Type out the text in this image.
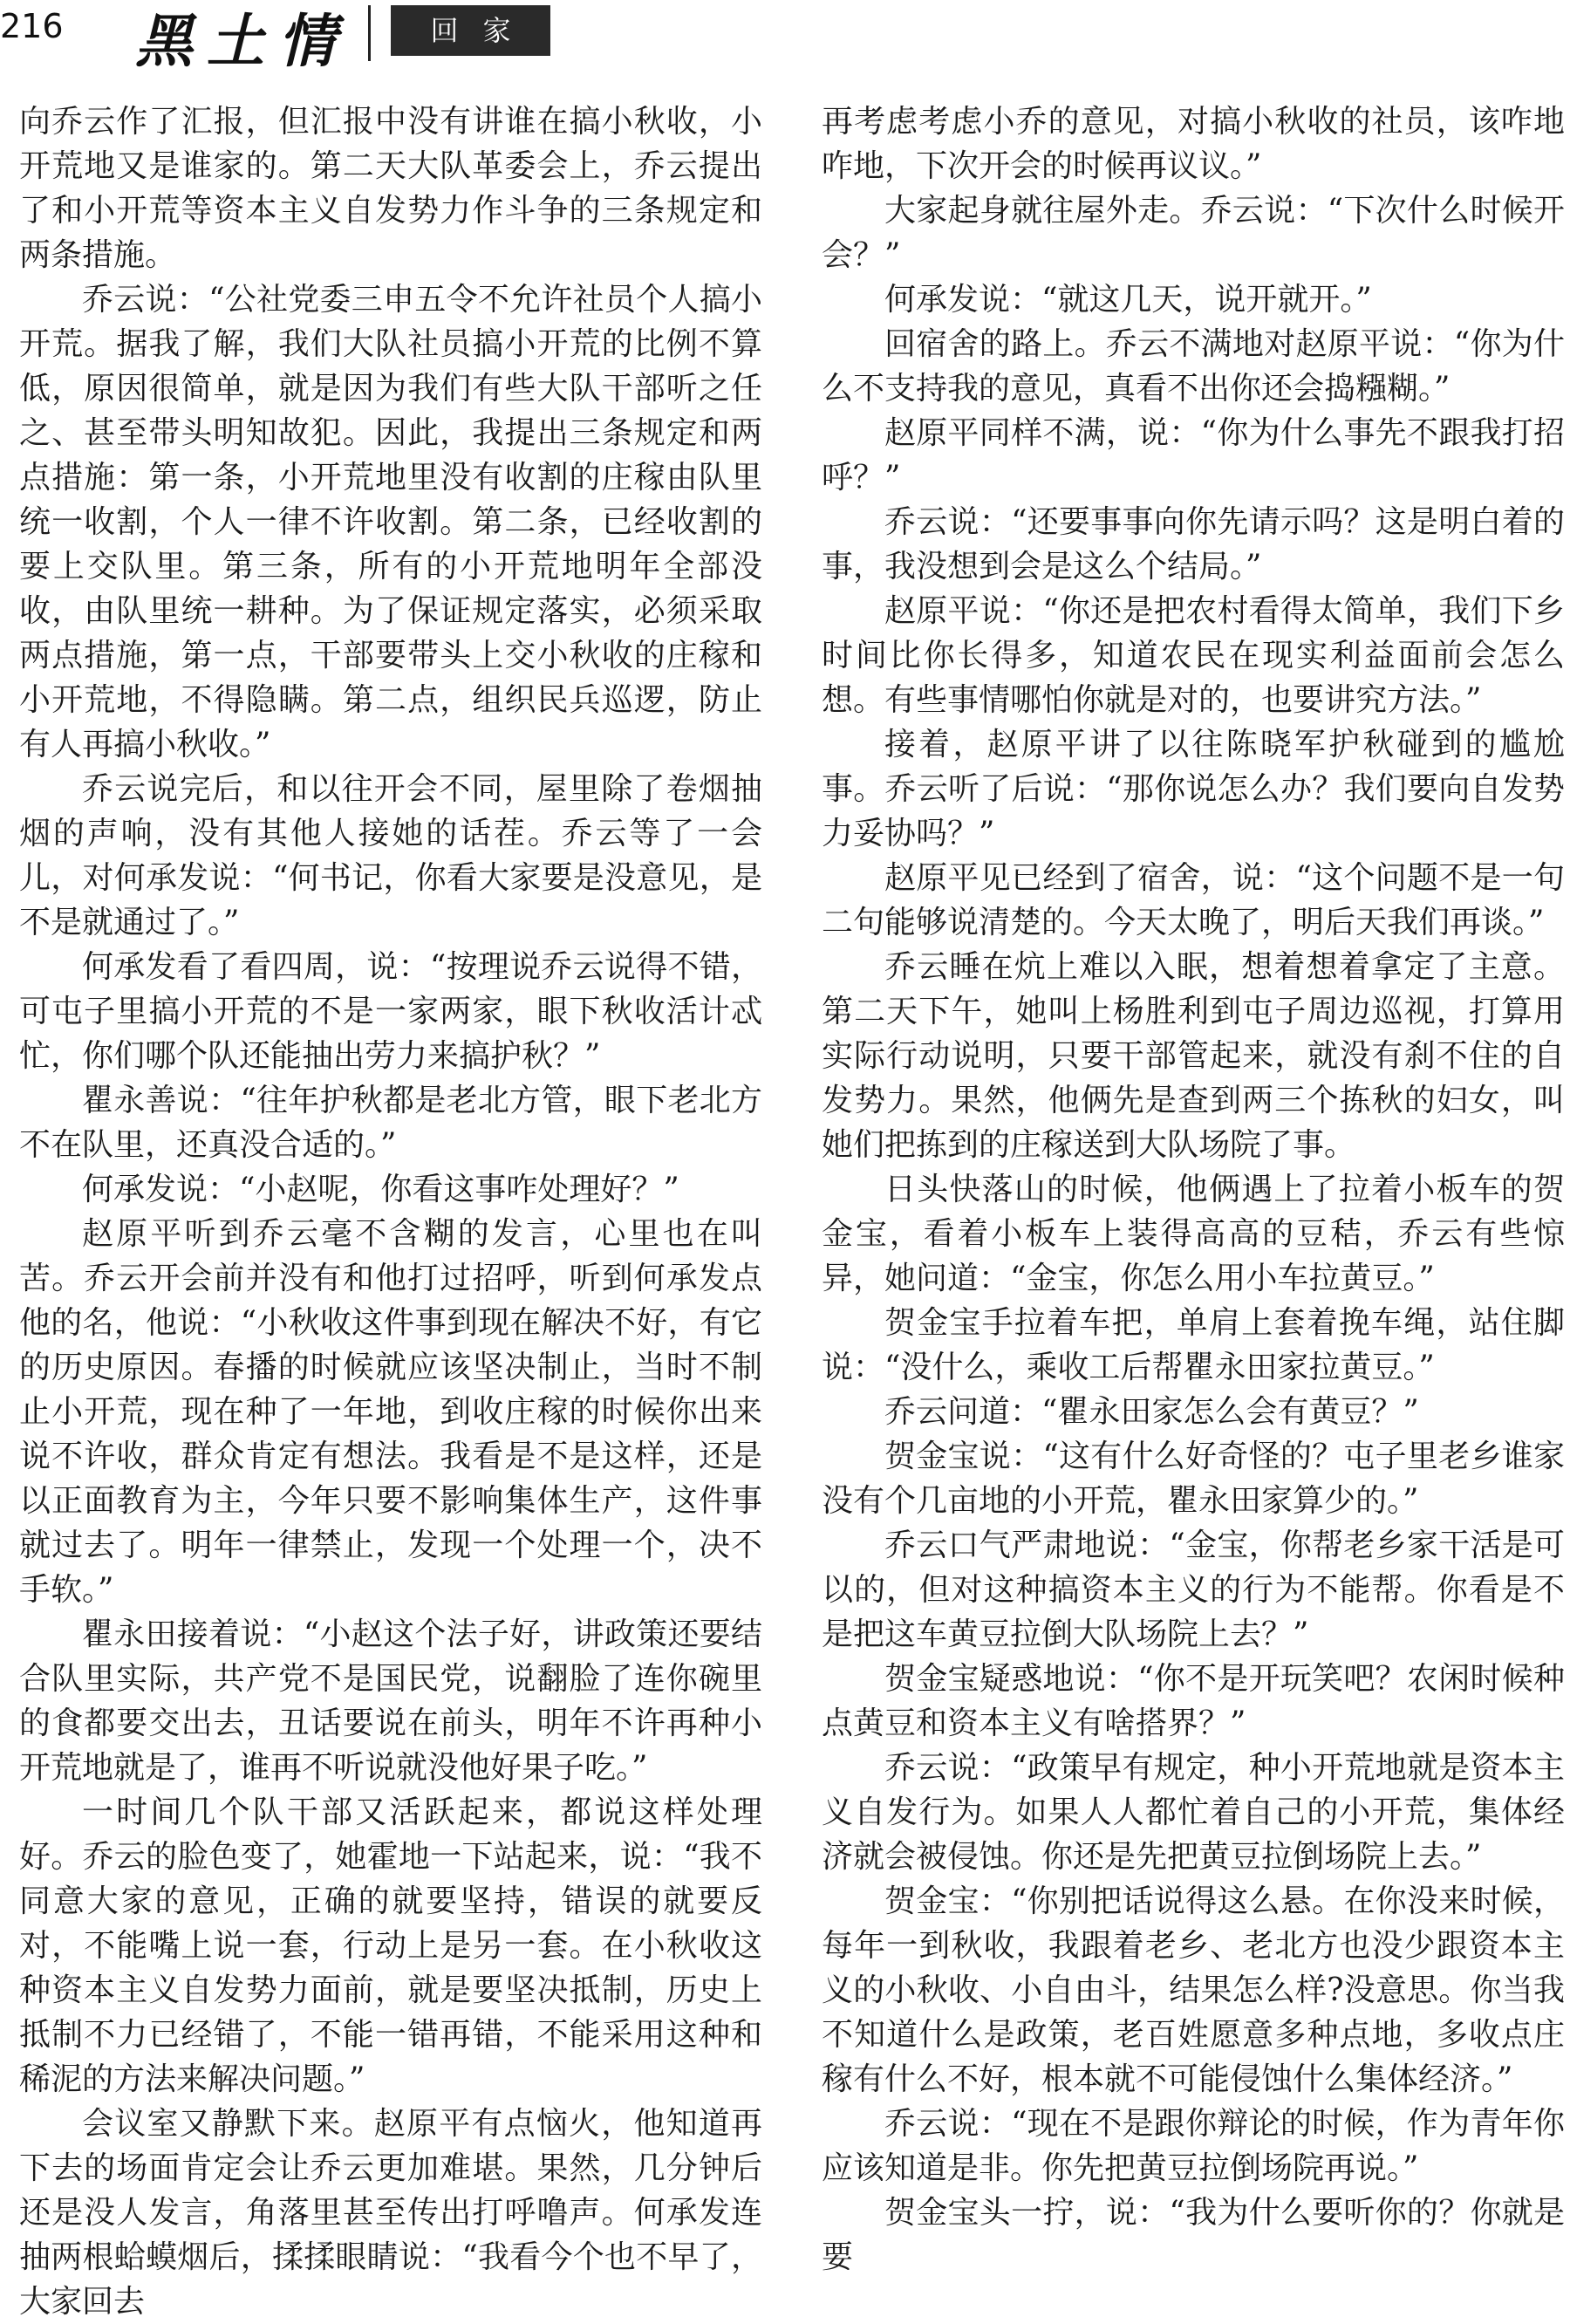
216 黑土情	回家

向乔云作了汇报，但汇报中没有讲谁在搞小秋收，小开荒地又是谁家的。第二天大队革委会上，乔云提出了和小开荒等资本主义自发势力作斗争的三条规定和两条措施。

乔云说：“公社党委三申五令不允许社员个人搞小开荒。据我了解，我们大队社员搞小开荒的比例不算低，原因很简单，就是因为我们有些大队干部听之任之、甚至带头明知故犯。因此，我提出三条规定和两点措施：第一条，小开荒地里没有收割的庄稼由队里统一收割，个人一律不许收割。第二条，已经收割的要上交队里。第三条，所有的小开荒地明年全部没收，由队里统一耕种。为了保证规定落实，必须采取两点措施，第一点，干部要带头上交小秋收的庄稼和小开荒地，不得隐瞒。第二点，组织民兵巡逻，防止有人再搞小秋收。”

乔云说完后，和以往开会不同，屋里除了卷烟抽烟的声响，没有其他人接她的话茬。乔云等了一会儿，对何承发说：“何书记，你看大家要是没意见，是不是就通过了。”

何承发看了看四周，说：“按理说乔云说得不错，可屯子里搞小开荒的不是一家两家，眼下秋收活计忒忙，你们哪个队还能抽出劳力来搞护秋？”

瞿永善说：“往年护秋都是老北方管，眼下老北方不在队里，还真没合适的。”

何承发说：“小赵呢，你看这事咋处理好？”

赵原平听到乔云毫不含糊的发言，心里也在叫苦。乔云开会前并没有和他打过招呼，听到何承发点他的名，他说：“小秋收这件事到现在解决不好，有它的历史原因。春播的时候就应该坚决制止，当时不制止小开荒，现在种了一年地，到收庄稼的时候你出来说不许收，群众肯定有想法。我看是不是这样，还是以正面教育为主，今年只要不影响集体生产，这件事就过去了。明年一律禁止，发现一个处理一个，决不手软。”

瞿永田接着说：“小赵这个法子好，讲政策还要结合队里实际，共产党不是国民党，说翻脸了连你碗里的食都要交出去，丑话要说在前头，明年不许再种小开荒地就是了，谁再不听说就没他好果子吃。”

一时间几个队干部又活跃起来，都说这样处理好。乔云的脸色变了，她霍地一下站起来，说：“我不同意大家的意见，正确的就要坚持，错误的就要反对，不能嘴上说一套，行动上是另一套。在小秋收这种资本主义自发势力面前，就是要坚决抵制，历史上抵制不力已经错了，不能一错再错，不能采用这种和稀泥的方法来解决问题。”

会议室又静默下来。赵原平有点恼火，他知道再下去的场面肯定会让乔云更加难堪。果然，几分钟后还是没人发言，角落里甚至传出打呼噜声。何承发连抽两根蛤蟆烟后，揉揉眼睛说：“我看今个也不早了，大家回去

再考虑考虑小乔的意见，对搞小秋收的社员，该咋地咋地，下次开会的时候再议议。”

大家起身就往屋外走。乔云说：“下次什么时候开会？”

何承发说：“就这几天，说开就开。”

回宿舍的路上。乔云不满地对赵原平说：“你为什么不支持我的意见，真看不出你还会捣糨糊。”

赵原平同样不满，说：“你为什么事先不跟我打招呼？”

乔云说：“还要事事向你先请示吗？这是明白着的事，我没想到会是这么个结局。”

赵原平说：“你还是把农村看得太简单，我们下乡时间比你长得多，知道农民在现实利益面前会怎么想。有些事情哪怕你就是对的，也要讲究方法。”

接着，赵原平讲了以往陈晓军护秋碰到的尴尬事。乔云听了后说：“那你说怎么办？我们要向自发势力妥协吗？”

赵原平见已经到了宿舍，说：“这个问题不是一句二句能够说清楚的。今天太晚了，明后天我们再谈。”

乔云睡在炕上难以入眠，想着想着拿定了主意。第二天下午，她叫上杨胜利到屯子周边巡视，打算用实际行动说明，只要干部管起来，就没有刹不住的自发势力。果然，他俩先是查到两三个拣秋的妇女，叫她们把拣到的庄稼送到大队场院了事。

日头快落山的时候，他俩遇上了拉着小板车的贺金宝，看着小板车上装得高高的豆秸，乔云有些惊异，她问道：“金宝，你怎么用小车拉黄豆。”

贺金宝手拉着车把，单肩上套着挽车绳，站住脚说：“没什么，乘收工后帮瞿永田家拉黄豆。”

乔云问道：“瞿永田家怎么会有黄豆？”

贺金宝说：“这有什么好奇怪的？屯子里老乡谁家没有个几亩地的小开荒，瞿永田家算少的。”

乔云口气严肃地说：“金宝，你帮老乡家干活是可以的，但对这种搞资本主义的行为不能帮。你看是不是把这车黄豆拉倒大队场院上去？”

贺金宝疑惑地说：“你不是开玩笑吧？农闲时候种点黄豆和资本主义有啥搭界？”

乔云说：“政策早有规定，种小开荒地就是资本主义自发行为。如果人人都忙着自己的小开荒，集体经济就会被侵蚀。你还是先把黄豆拉倒场院上去。”

贺金宝：“你别把话说得这么悬。在你没来时候，每年一到秋收，我跟着老乡、老北方也没少跟资本主义的小秋收、小自由斗，结果怎么样?没意思。你当我不知道什么是政策，老百姓愿意多种点地，多收点庄稼有什么不好，根本就不可能侵蚀什么集体经济。”

乔云说：“现在不是跟你辩论的时候，作为青年你应该知道是非。你先把黄豆拉倒场院再说。”

贺金宝头一拧，说：“我为什么要听你的？你就是要
